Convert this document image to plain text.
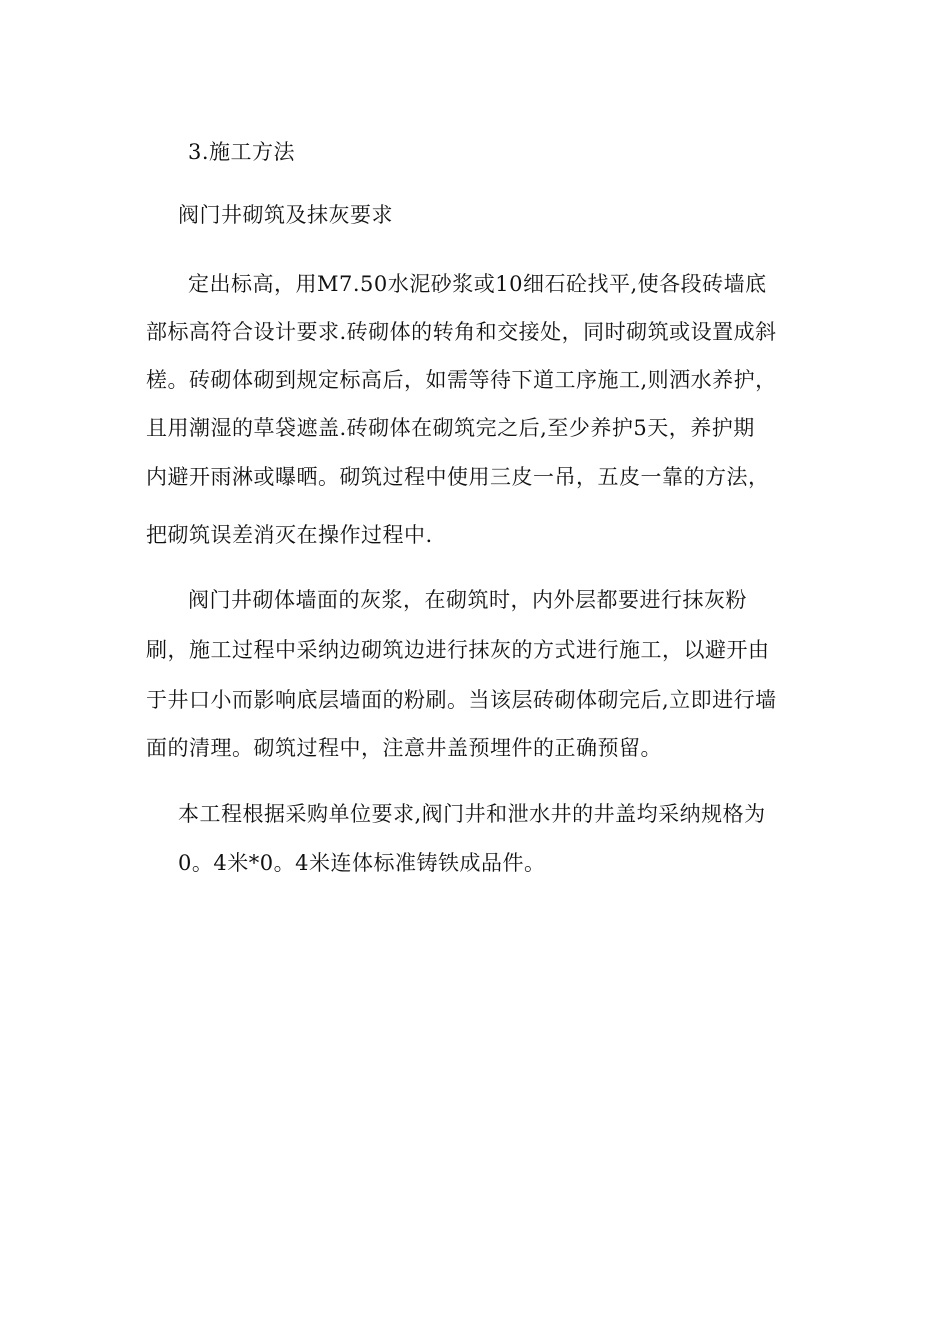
3.施工方法
阀门井砌筑及抹灰要求
定出标高，用M7.50水泥砂浆或10细石砼找平,使各段砖墙底
部标高符合设计要求.砖砌体的转角和交接处，同时砌筑或设置成斜
槎。砖砌体砌到规定标高后，如需等待下道工序施工,则洒水养护，
且用潮湿的草袋遮盖.砖砌体在砌筑完之后,至少养护5天，养护期
内避开雨淋或曝晒。砌筑过程中使用三皮一吊，五皮一靠的方法，
把砌筑误差消灭在操作过程中.
阀门井砌体墙面的灰浆，在砌筑时，内外层都要进行抹灰粉
刷，施工过程中采纳边砌筑边进行抹灰的方式进行施工，以避开由
于井口小而影响底层墙面的粉刷。当该层砖砌体砌完后,立即进行墙
面的清理。砌筑过程中，注意井盖预埋件的正确预留。
本工程根据采购单位要求,阀门井和泄水井的井盖均采纳规格为
0。4米*0。4米连体标准铸铁成品件。
